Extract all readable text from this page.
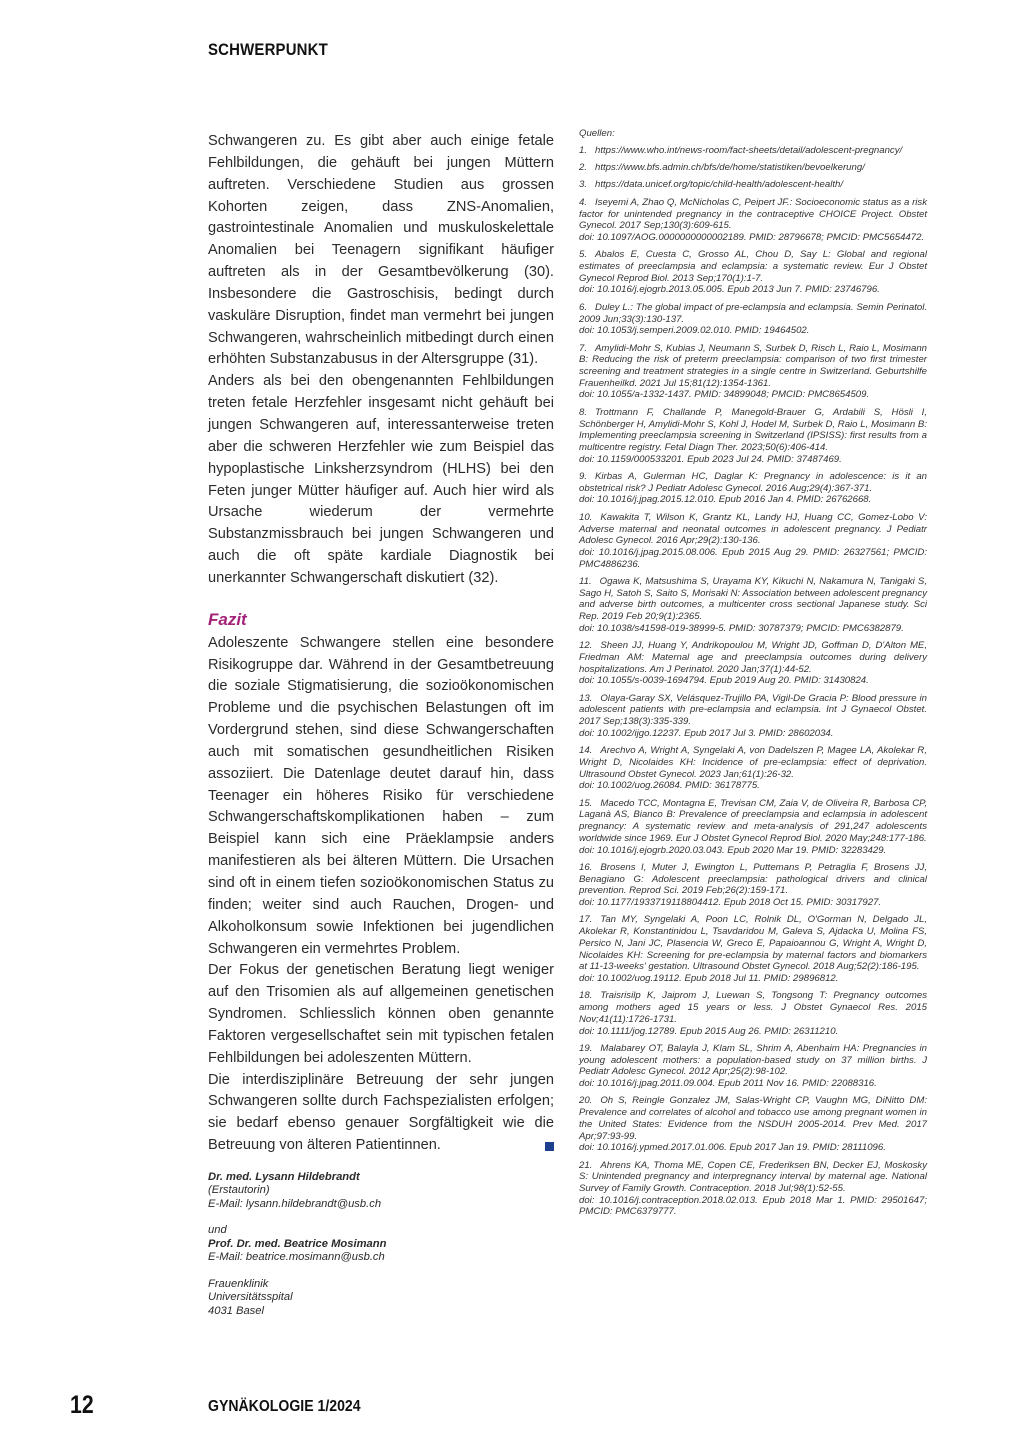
SCHWERPUNKT

Schwangeren zu. Es gibt aber auch einige fetale Fehlbildungen, die gehäuft bei jungen Müttern auftreten. Verschiedene Studien aus grossen Kohorten zeigen, dass ZNS-Anomalien, gastrointestinale Anomalien und muskuloskelettale Anomalien bei Teenagern signifikant häufiger auftreten als in der Gesamtbevölkerung (30). Insbesondere die Gastroschisis, bedingt durch vaskuläre Disruption, findet man vermehrt bei jungen Schwangeren, wahrscheinlich mitbedingt durch einen erhöhten Substanzabusus in der Altersgruppe (31).

Anders als bei den obengenannten Fehlbildungen treten fetale Herzfehler insgesamt nicht gehäuft bei jungen Schwangeren auf, interessanterweise treten aber die schweren Herzfehler wie zum Beispiel das hypoplastische Linksherzsyndrom (HLHS) bei den Feten junger Mütter häufiger auf. Auch hier wird als Ursache wiederum der vermehrte Substanzmissbrauch bei jungen Schwangeren und auch die oft späte kardiale Diagnostik bei unerkannter Schwangerschaft diskutiert (32).

Fazit

Adoleszente Schwangere stellen eine besondere Risikogruppe dar. Während in der Gesamtbetreuung die soziale Stigmatisierung, die sozioökonomischen Probleme und die psychischen Belastungen oft im Vordergrund stehen, sind diese Schwangerschaften auch mit somatischen gesundheitlichen Risiken assoziiert. Die Datenlage deutet darauf hin, dass Teenager ein höheres Risiko für verschiedene Schwangerschaftskomplikationen haben – zum Beispiel kann sich eine Präeklampsie anders manifestieren als bei älteren Müttern. Die Ursachen sind oft in einem tiefen sozioökonomischen Status zu finden; weiter sind auch Rauchen, Drogen- und Alkoholkonsum sowie Infektionen bei jugendlichen Schwangeren ein vermehrtes Problem.

Der Fokus der genetischen Beratung liegt weniger auf den Trisomien als auf allgemeinen genetischen Syndromen. Schliesslich können oben genannte Faktoren vergesellschaftet sein mit typischen fetalen Fehlbildungen bei adoleszenten Müttern.

Die interdisziplinäre Betreuung der sehr jungen Schwangeren sollte durch Fachspezialisten erfolgen; sie bedarf ebenso genauer Sorgfältigkeit wie die Betreuung von älteren Patientinnen.

Dr. med. Lysann Hildebrandt
(Erstautorin)
E-Mail: lysann.hildebrandt@usb.ch
und
Prof. Dr. med. Beatrice Mosimann
E-Mail: beatrice.mosimann@usb.ch
Frauenklinik
Universitätsspital
4031 Basel
Quellen:
1. https://www.who.int/news-room/fact-sheets/detail/adolescent-pregnancy/
2. https://www.bfs.admin.ch/bfs/de/home/statistiken/bevoelkerung/
3. https://data.unicef.org/topic/child-health/adolescent-health/
4. Iseyemi A, Zhao Q, McNicholas C, Peipert JF.: Socioeconomic status as a risk factor for unintended pregnancy in the contraceptive CHOICE Project. Obstet Gynecol. 2017 Sep;130(3):609-615.
doi: 10.1097/AOG.0000000000002189. PMID: 28796678; PMCID: PMC5654472.
5. Abalos E, Cuesta C, Grosso AL, Chou D, Say L: Global and regional estimates of preeclampsia and eclampsia: a systematic review. Eur J Obstet Gynecol Reprod Biol. 2013 Sep;170(1):1-7.
doi: 10.1016/j.ejogrb.2013.05.005. Epub 2013 Jun 7. PMID: 23746796.
6. Duley L.: The global impact of pre-eclampsia and eclampsia. Semin Perinatol. 2009 Jun;33(3):130-137.
doi: 10.1053/j.semperi.2009.02.010. PMID: 19464502.
7. Amylidi-Mohr S, Kubias J, Neumann S, Surbek D, Risch L, Raio L, Mosimann B: Reducing the risk of preterm preeclampsia: comparison of two first trimester screening and treatment strategies in a single centre in Switzerland. Geburtshilfe Frauenheilkd. 2021 Jul 15;81(12):1354-1361.
doi: 10.1055/a-1332-1437. PMID: 34899048; PMCID: PMC8654509.
8. Trottmann F, Challande P, Manegold-Brauer G, Ardabili S, Hösli I, Schönberger H, Amylidi-Mohr S, Kohl J, Hodel M, Surbek D, Raio L, Mosimann B: Implementing preeclampsia screening in Switzerland (IPSISS): first results from a multicentre registry. Fetal Diagn Ther. 2023;50(6):406-414.
doi: 10.1159/000533201. Epub 2023 Jul 24. PMID: 37487469.
9. Kirbas A, Gulerman HC, Daglar K: Pregnancy in adolescence: is it an obstetrical risk? J Pediatr Adolesc Gynecol. 2016 Aug;29(4):367-371.
doi: 10.1016/j.jpag.2015.12.010. Epub 2016 Jan 4. PMID: 26762668.
10. Kawakita T, Wilson K, Grantz KL, Landy HJ, Huang CC, Gomez-Lobo V: Adverse maternal and neonatal outcomes in adolescent pregnancy. J Pediatr Adolesc Gynecol. 2016 Apr;29(2):130-136.
doi: 10.1016/j.jpag.2015.08.006. Epub 2015 Aug 29. PMID: 26327561; PMCID: PMC4886236.
11. Ogawa K, Matsushima S, Urayama KY, Kikuchi N, Nakamura N, Tanigaki S, Sago H, Satoh S, Saito S, Morisaki N: Association between adolescent pregnancy and adverse birth outcomes, a multicenter cross sectional Japanese study. Sci Rep. 2019 Feb 20;9(1):2365.
doi: 10.1038/s41598-019-38999-5. PMID: 30787379; PMCID: PMC6382879.
12. Sheen JJ, Huang Y, Andrikopoulou M, Wright JD, Goffman D, D'Alton ME, Friedman AM: Maternal age and preeclampsia outcomes during delivery hospitalizations. Am J Perinatol. 2020 Jan;37(1):44-52.
doi: 10.1055/s-0039-1694794. Epub 2019 Aug 20. PMID: 31430824.
13. Olaya-Garay SX, Velásquez-Trujillo PA, Vigil-De Gracia P: Blood pressure in adolescent patients with pre-eclampsia and eclampsia. Int J Gynaecol Obstet. 2017 Sep;138(3):335-339.
doi: 10.1002/ijgo.12237. Epub 2017 Jul 3. PMID: 28602034.
14. Arechvo A, Wright A, Syngelaki A, von Dadelszen P, Magee LA, Akolekar R, Wright D, Nicolaides KH: Incidence of pre-eclampsia: effect of deprivation. Ultrasound Obstet Gynecol. 2023 Jan;61(1):26-32.
doi: 10.1002/uog.26084. PMID: 36178775.
15. Macedo TCC, Montagna E, Trevisan CM, Zaia V, de Oliveira R, Barbosa CP, Laganà AS, Bianco B: Prevalence of preeclampsia and eclampsia in adolescent pregnancy: A systematic review and meta-analysis of 291,247 adolescents worldwide since 1969. Eur J Obstet Gynecol Reprod Biol. 2020 May;248:177-186.
doi: 10.1016/j.ejogrb.2020.03.043. Epub 2020 Mar 19. PMID: 32283429.
16. Brosens I, Muter J, Ewington L, Puttemans P, Petraglia F, Brosens JJ, Benagiano G: Adolescent preeclampsia: pathological drivers and clinical prevention. Reprod Sci. 2019 Feb;26(2):159-171.
doi: 10.1177/1933719118804412. Epub 2018 Oct 15. PMID: 30317927.
17. Tan MY, Syngelaki A, Poon LC, Rolnik DL, O'Gorman N, Delgado JL, Akolekar R, Konstantinidou L, Tsavdaridou M, Galeva S, Ajdacka U, Molina FS, Persico N, Jani JC, Plasencia W, Greco E, Papaioannou G, Wright A, Wright D, Nicolaides KH: Screening for pre-eclampsia by maternal factors and biomarkers at 11-13-weeks' gestation. Ultrasound Obstet Gynecol. 2018 Aug;52(2):186-195.
doi: 10.1002/uog.19112. Epub 2018 Jul 11. PMID: 29896812.
18. Traisrisilp K, Jaiprom J, Luewan S, Tongsong T: Pregnancy outcomes among mothers aged 15 years or less. J Obstet Gynaecol Res. 2015 Nov;41(11):1726-1731.
doi: 10.1111/jog.12789. Epub 2015 Aug 26. PMID: 26311210.
19. Malabarey OT, Balayla J, Klam SL, Shrim A, Abenhaim HA: Pregnancies in young adolescent mothers: a population-based study on 37 million births. J Pediatr Adolesc Gynecol. 2012 Apr;25(2):98-102.
doi: 10.1016/j.jpag.2011.09.004. Epub 2011 Nov 16. PMID: 22088316.
20. Oh S, Reingle Gonzalez JM, Salas-Wright CP, Vaughn MG, DiNitto DM: Prevalence and correlates of alcohol and tobacco use among pregnant women in the United States: Evidence from the NSDUH 2005-2014. Prev Med. 2017 Apr;97:93-99.
doi: 10.1016/j.ypmed.2017.01.006. Epub 2017 Jan 19. PMID: 28111096.
21. Ahrens KA, Thoma ME, Copen CE, Frederiksen BN, Decker EJ, Moskosky S: Unintended pregnancy and interpregnancy interval by maternal age. National Survey of Family Growth. Contraception. 2018 Jul;98(1):52-55.
doi: 10.1016/j.contraception.2018.02.013. Epub 2018 Mar 1. PMID: 29501647; PMCID: PMC6379777.
12	GYNÄKOLOGIE 1/2024
